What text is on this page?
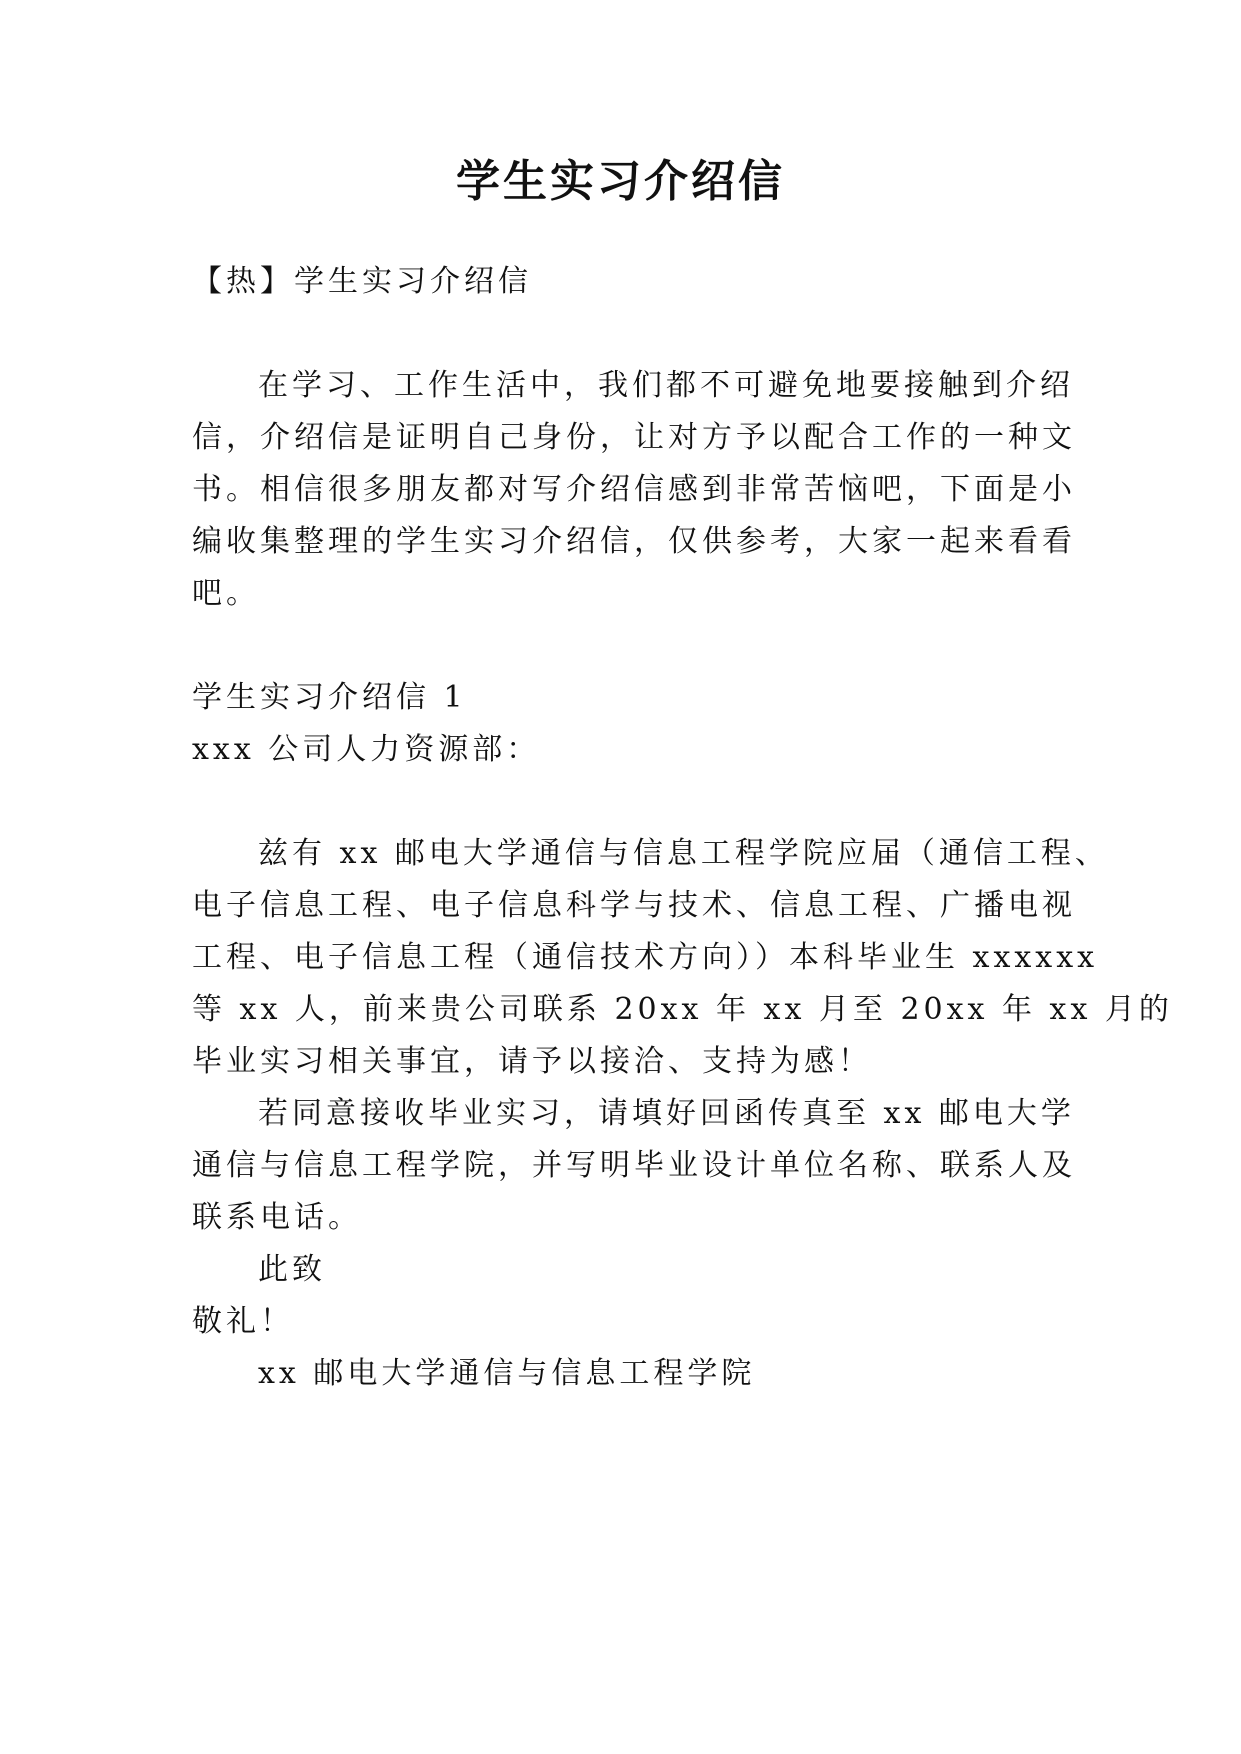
学生实习介绍信
【热】学生实习介绍信
在学习、工作生活中，我们都不可避免地要接触到介绍
信，介绍信是证明自己身份，让对方予以配合工作的一种文
书。相信很多朋友都对写介绍信感到非常苦恼吧，下面是小
编收集整理的学生实习介绍信，仅供参考，大家一起来看看
吧。
学生实习介绍信 1
xxx 公司人力资源部：
兹有 xx 邮电大学通信与信息工程学院应届（通信工程、
电子信息工程、电子信息科学与技术、信息工程、广播电视
工程、电子信息工程（通信技术方向））本科毕业生 xxxxxx
等 xx 人，前来贵公司联系 20xx 年 xx 月至 20xx 年 xx 月的
毕业实习相关事宜，请予以接洽、支持为感！
若同意接收毕业实习，请填好回函传真至 xx 邮电大学
通信与信息工程学院，并写明毕业设计单位名称、联系人及
联系电话。
此致
敬礼！
xx 邮电大学通信与信息工程学院
